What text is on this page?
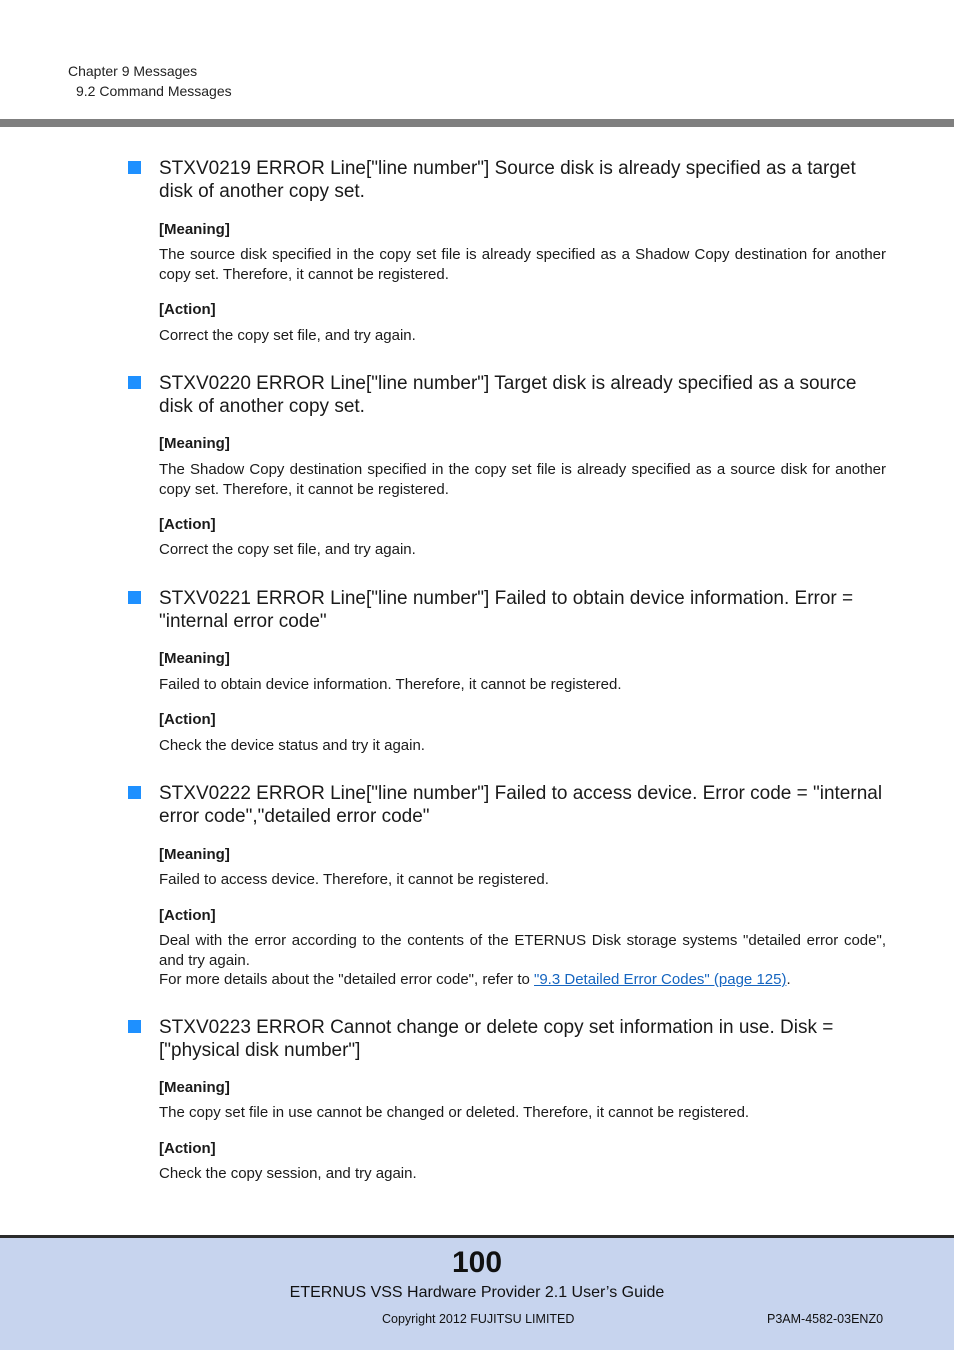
Chapter 9 Messages
9.2 Command Messages
STXV0219 ERROR Line["line number"] Source disk is already specified as a target disk of another copy set.
[Meaning]
The source disk specified in the copy set file is already specified as a Shadow Copy destination for another copy set. Therefore, it cannot be registered.
[Action]
Correct the copy set file, and try again.
STXV0220 ERROR Line["line number"] Target disk is already specified as a source disk of another copy set.
[Meaning]
The Shadow Copy destination specified in the copy set file is already specified as a source disk for another copy set. Therefore, it cannot be registered.
[Action]
Correct the copy set file, and try again.
STXV0221 ERROR Line["line number"] Failed to obtain device information. Error = "internal error code"
[Meaning]
Failed to obtain device information. Therefore, it cannot be registered.
[Action]
Check the device status and try it again.
STXV0222 ERROR Line["line number"] Failed to access device. Error code = "internal error code","detailed error code"
[Meaning]
Failed to access device. Therefore, it cannot be registered.
[Action]
Deal with the error according to the contents of the ETERNUS Disk storage systems "detailed error code", and try again.
For more details about the "detailed error code", refer to "9.3 Detailed Error Codes" (page 125).
STXV0223 ERROR Cannot change or delete copy set information in use. Disk = ["physical disk number"]
[Meaning]
The copy set file in use cannot be changed or deleted. Therefore, it cannot be registered.
[Action]
Check the copy session, and try again.
100
ETERNUS VSS Hardware Provider 2.1 User’s Guide
Copyright 2012 FUJITSU LIMITED	P3AM-4582-03ENZ0
